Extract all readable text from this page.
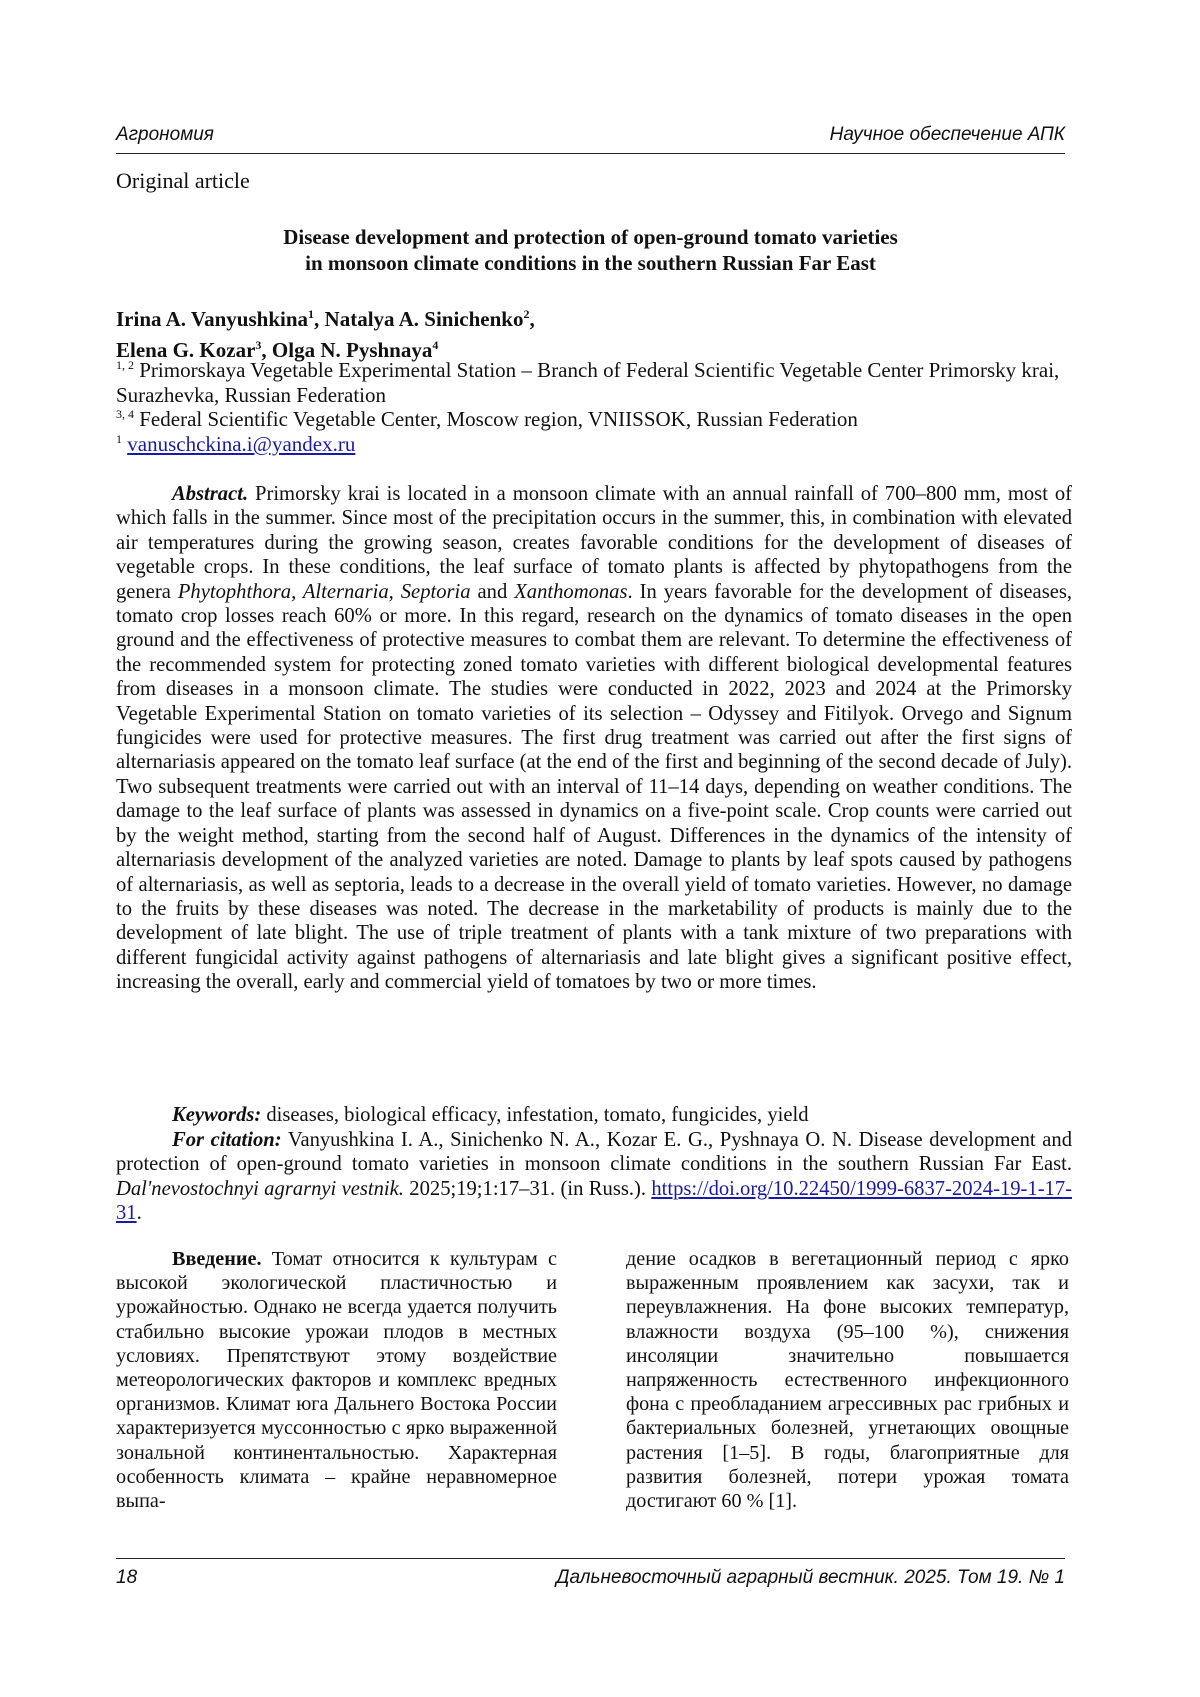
Агрономия	Научное обеспечение АПК
Original article
Disease development and protection of open-ground tomato varieties
in monsoon climate conditions in the southern Russian Far East
Irina A. Vanyushkina$^1$, Natalya A. Sinichenko$^2$,
Elena G. Kozar$^3$, Olga N. Pyshnaya$^4$
$^{1, 2}$ Primorskaya Vegetable Experimental Station – Branch of Federal Scientific Vegetable Center Primorsky krai, Surazhevka, Russian Federation
$^{3, 4}$ Federal Scientific Vegetable Center, Moscow region, VNIISSOK, Russian Federation
$^1$ vanuschckina.i@yandex.ru
Abstract. Primorsky krai is located in a monsoon climate with an annual rainfall of 700–800 mm, most of which falls in the summer. Since most of the precipitation occurs in the summer, this, in combination with elevated air temperatures during the growing season, creates favorable conditions for the development of diseases of vegetable crops. In these conditions, the leaf surface of tomato plants is affected by phytopathogens from the genera Phytophthora, Alternaria, Septoria and Xanthomonas. In years favorable for the development of diseases, tomato crop losses reach 60% or more. In this regard, research on the dynamics of tomato diseases in the open ground and the effectiveness of protective measures to combat them are relevant. To determine the effectiveness of the recommended system for protecting zoned tomato varieties with different biological developmental features from diseases in a monsoon climate. The studies were conducted in 2022, 2023 and 2024 at the Primorsky Vegetable Experimental Station on tomato varieties of its selection – Odyssey and Fitilyok. Orvego and Signum fungicides were used for protective measures. The first drug treatment was carried out after the first signs of alternariasis appeared on the tomato leaf surface (at the end of the first and beginning of the second decade of July). Two subsequent treatments were carried out with an interval of 11–14 days, depending on weather conditions. The damage to the leaf surface of plants was assessed in dynamics on a five-point scale. Crop counts were carried out by the weight method, starting from the second half of August. Differences in the dynamics of the intensity of alternariasis development of the analyzed varieties are noted. Damage to plants by leaf spots caused by pathogens of alternariasis, as well as septoria, leads to a decrease in the overall yield of tomato varieties. However, no damage to the fruits by these diseases was noted. The decrease in the marketability of products is mainly due to the development of late blight. The use of triple treatment of plants with a tank mixture of two preparations with different fungicidal activity against pathogens of alternariasis and late blight gives a significant positive effect, increasing the overall, early and commercial yield of tomatoes by two or more times.
Keywords: diseases, biological efficacy, infestation, tomato, fungicides, yield
For citation: Vanyushkina I. A., Sinichenko N. A., Kozar E. G., Pyshnaya O. N. Disease development and protection of open-ground tomato varieties in monsoon climate conditions in the southern Russian Far East. Dal'nevostochnyi agrarnyi vestnik. 2025;19;1:17–31. (in Russ.). https://doi.org/10.22450/1999-6837-2024-19-1-17-31.
Введение. Томат относится к культурам с высокой экологической пластичностью и урожайностью. Однако не всегда удается получить стабильно высокие урожаи плодов в местных условиях. Препятствуют этому воздействие метеорологических факторов и комплекс вредных организмов. Климат юга Дальнего Востока России характеризуется муссонностью с ярко выраженной зональной континентальностью. Характерная особенность климата – крайне неравномерное выпа-
дение осадков в вегетационный период с ярко выраженным проявлением как засухи, так и переувлажнения. На фоне высоких температур, влажности воздуха (95–100 %), снижения инсоляции значительно повышается напряженность естественного инфекционного фона с преобладанием агрессивных рас грибных и бактериальных болезней, угнетающих овощные растения [1–5]. В годы, благоприятные для развития болезней, потери урожая томата достигают 60 % [1].
18	Дальневосточный аграрный вестник. 2025. Том 19. № 1
